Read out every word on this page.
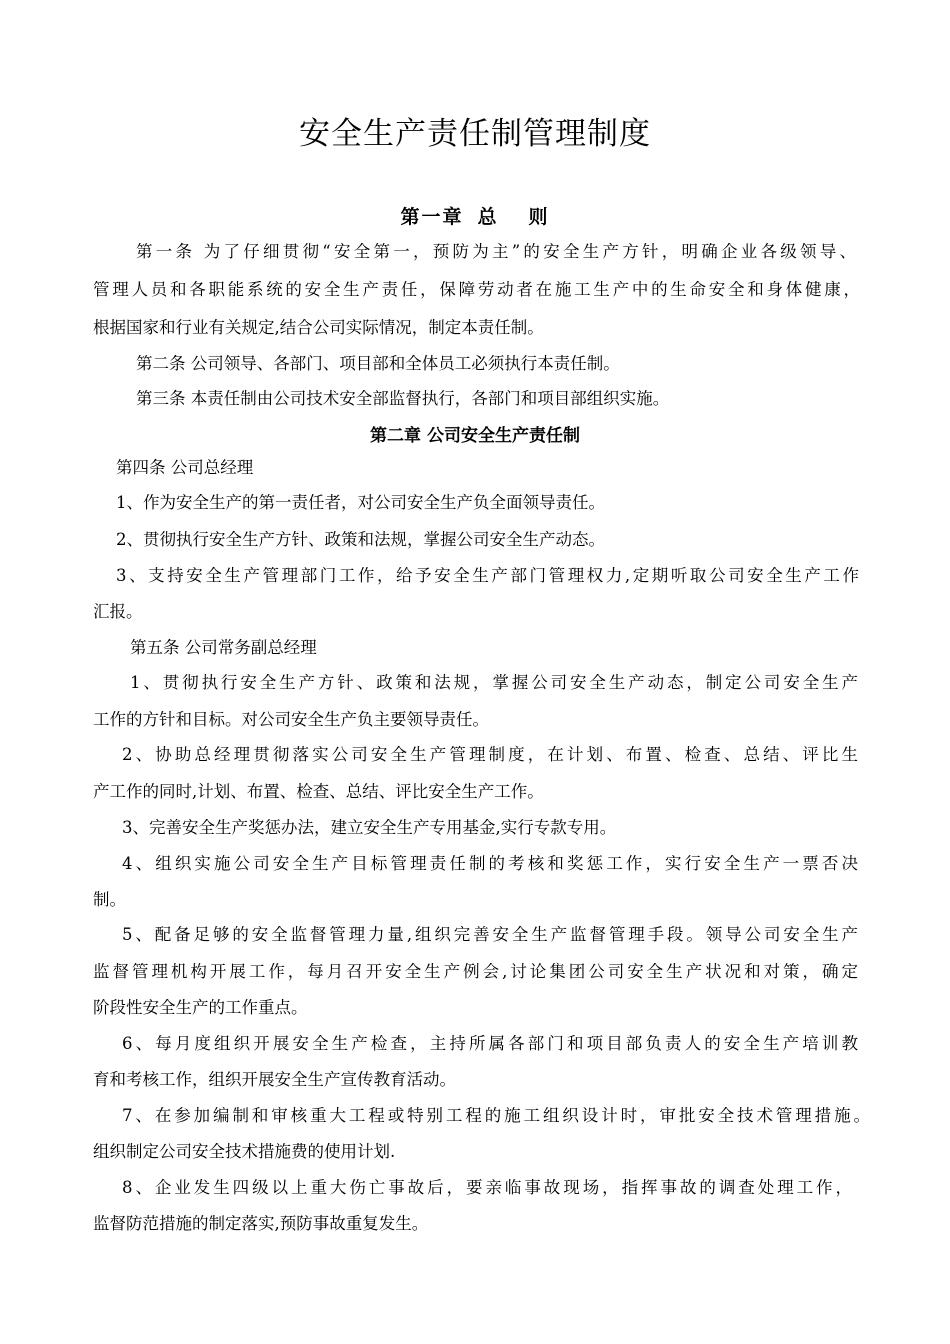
安全生产责任制管理制度
第一章 总 则
第一条 为了仔细贯彻“安全第一，预防为主”的安全生产方针，明确企业各级领导、
管理人员和各职能系统的安全生产责任，保障劳动者在施工生产中的生命安全和身体健康，
根据国家和行业有关规定,结合公司实际情况，制定本责任制。
第二条 公司领导、各部门、项目部和全体员工必须执行本责任制。
第三条 本责任制由公司技术安全部监督执行，各部门和项目部组织实施。
第二章 公司安全生产责任制
第四条 公司总经理
1、作为安全生产的第一责任者，对公司安全生产负全面领导责任。
2、贯彻执行安全生产方针、政策和法规，掌握公司安全生产动态。
3、支持安全生产管理部门工作，给予安全生产部门管理权力,定期听取公司安全生产工作
汇报。
第五条 公司常务副总经理
1、贯彻执行安全生产方针、政策和法规，掌握公司安全生产动态，制定公司安全生产
工作的方针和目标。对公司安全生产负主要领导责任。
2、协助总经理贯彻落实公司安全生产管理制度，在计划、布置、检查、总结、评比生
产工作的同时,计划、布置、检查、总结、评比安全生产工作。
3、完善安全生产奖惩办法，建立安全生产专用基金,实行专款专用。
4、组织实施公司安全生产目标管理责任制的考核和奖惩工作，实行安全生产一票否决
制。
5、配备足够的安全监督管理力量,组织完善安全生产监督管理手段。领导公司安全生产
监督管理机构开展工作，每月召开安全生产例会,讨论集团公司安全生产状况和对策，确定
阶段性安全生产的工作重点。
6、每月度组织开展安全生产检查，主持所属各部门和项目部负责人的安全生产培训教
育和考核工作，组织开展安全生产宣传教育活动。
7、在参加编制和审核重大工程或特别工程的施工组织设计时，审批安全技术管理措施。
组织制定公司安全技术措施费的使用计划.
8、企业发生四级以上重大伤亡事故后，要亲临事故现场，指挥事故的调查处理工作，
监督防范措施的制定落实,预防事故重复发生。
